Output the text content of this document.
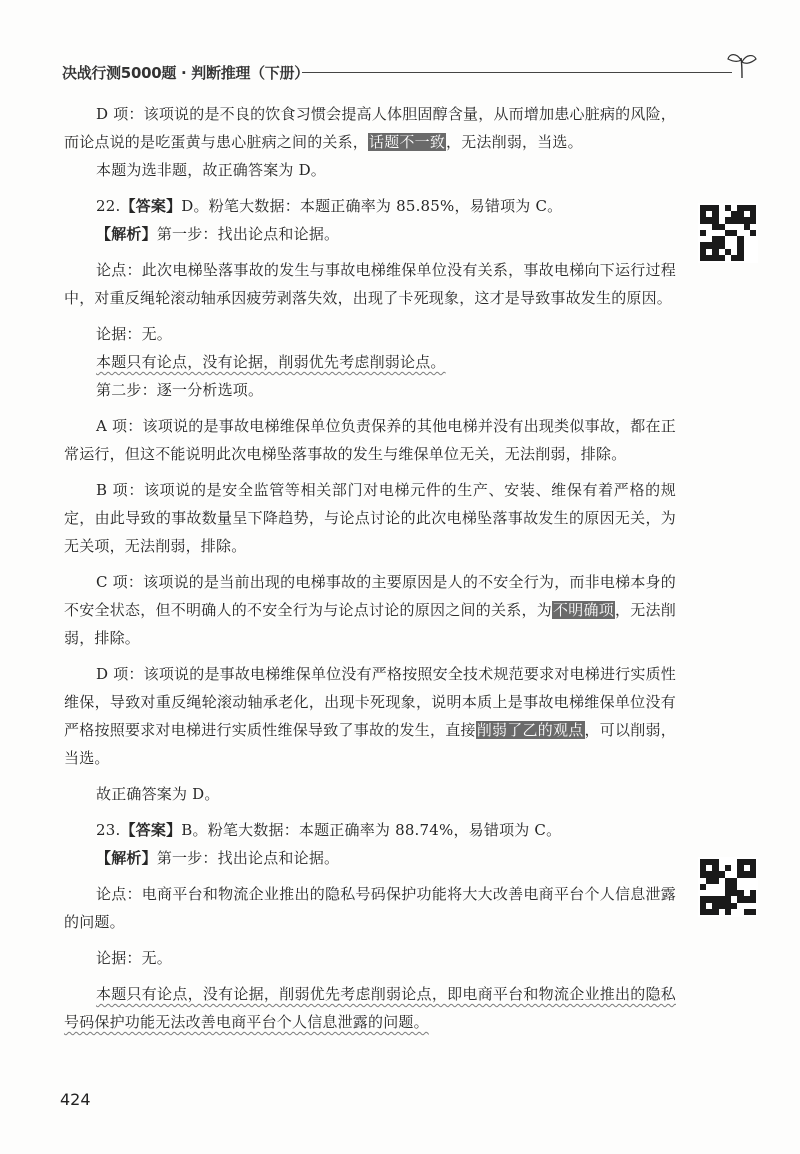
决战行测5000题 · 判断推理（下册）

D 项：该项说的是不良的饮食习惯会提高人体胆固醇含量，从而增加患心脏病的风险，而论点说的是吃蛋黄与患心脏病之间的关系，话题不一致，无法削弱，当选。

本题为选非题，故正确答案为 D。

22.【答案】D。粉笔大数据：本题正确率为 85.85%，易错项为 C。

【解析】第一步：找出论点和论据。

论点：此次电梯坠落事故的发生与事故电梯维保单位没有关系，事故电梯向下运行过程中，对重反绳轮滚动轴承因疲劳剥落失效，出现了卡死现象，这才是导致事故发生的原因。

论据：无。

本题只有论点，没有论据，削弱优先考虑削弱论点。

第二步：逐一分析选项。

A 项：该项说的是事故电梯维保单位负责保养的其他电梯并没有出现类似事故，都在正常运行，但这不能说明此次电梯坠落事故的发生与维保单位无关，无法削弱，排除。

B 项：该项说的是安全监管等相关部门对电梯元件的生产、安装、维保有着严格的规定，由此导致的事故数量呈下降趋势，与论点讨论的此次电梯坠落事故发生的原因无关，为无关项，无法削弱，排除。

C 项：该项说的是当前出现的电梯事故的主要原因是人的不安全行为，而非电梯本身的不安全状态，但不明确人的不安全行为与论点讨论的原因之间的关系，为不明确项，无法削弱，排除。

D 项：该项说的是事故电梯维保单位没有严格按照安全技术规范要求对电梯进行实质性维保，导致对重反绳轮滚动轴承老化，出现卡死现象，说明本质上是事故电梯维保单位没有严格按照要求对电梯进行实质性维保导致了事故的发生，直接削弱了乙的观点，可以削弱，当选。

故正确答案为 D。

23.【答案】B。粉笔大数据：本题正确率为 88.74%，易错项为 C。

【解析】第一步：找出论点和论据。

论点：电商平台和物流企业推出的隐私号码保护功能将大大改善电商平台个人信息泄露的问题。

论据：无。

本题只有论点，没有论据，削弱优先考虑削弱论点，即电商平台和物流企业推出的隐私号码保护功能无法改善电商平台个人信息泄露的问题。

424
